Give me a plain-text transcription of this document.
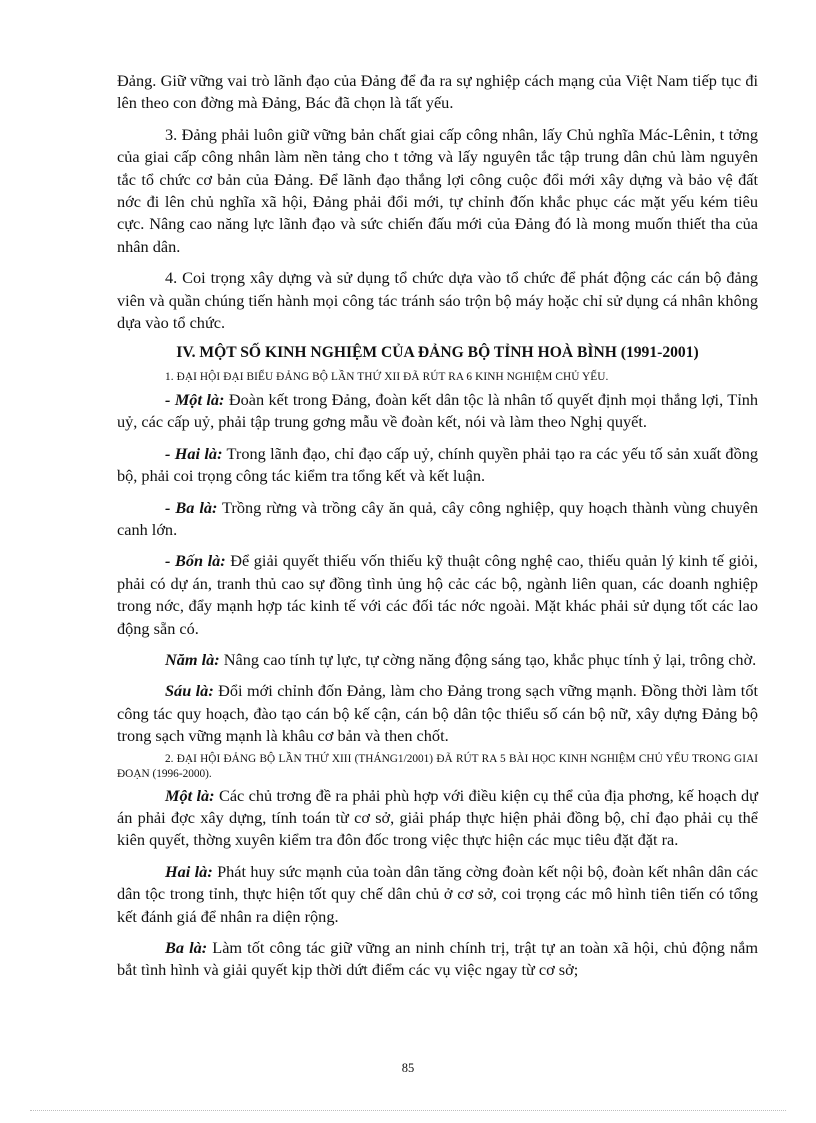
Đảng. Giữ vững vai trò lãnh đạo của Đảng để đa ra sự nghiệp cách mạng của Việt Nam tiếp tục đi lên theo con đờng mà Đảng, Bác đã chọn là tất yếu.

3. Đảng phải luôn giữ vững bản chất giai cấp công nhân, lấy Chủ nghĩa Mác-Lênin, t tởng của giai cấp công nhân làm nền tảng cho t tởng và lấy nguyên tắc tập trung dân chủ làm nguyên tắc tổ chức cơ bản của Đảng. Để lãnh đạo thắng lợi công cuộc đổi mới xây dựng và bảo vệ đất nớc đi lên chủ nghĩa xã hội, Đảng phải đổi mới, tự chỉnh đốn khắc phục các mặt yếu kém tiêu cực. Nâng cao năng lực lãnh đạo và sức chiến đấu mới của Đảng đó là mong muốn thiết tha của nhân dân.

4. Coi trọng xây dựng và sử dụng tổ chức dựa vào tổ chức để phát động các cán bộ đảng viên và quần chúng tiến hành mọi công tác tránh sáo trộn bộ máy hoặc chỉ sử dụng cá nhân không dựa vào tổ chức.

IV. MỘT SỐ KINH NGHIỆM CỦA ĐẢNG BỘ TỈNH HOÀ BÌNH (1991-2001)

1. ĐẠI HỘI ĐẠI BIỂU ĐẢNG BỘ LẦN THỨ XII ĐÃ RÚT RA 6 KINH NGHIỆM CHỦ YẾU.

- Một là: Đoàn kết trong Đảng, đoàn kết dân tộc là nhân tố quyết định mọi thắng lợi, Tỉnh uỷ, các cấp uỷ, phải tập trung gơng mẫu về đoàn kết, nói và làm theo Nghị quyết.

- Hai là: Trong lãnh đạo, chỉ đạo cấp uỷ, chính quyền phải tạo ra các yếu tố sản xuất đồng bộ, phải coi trọng công tác kiểm tra tổng kết và kết luận.

- Ba là: Trồng rừng và trồng cây ăn quả, cây công nghiệp, quy hoạch thành vùng chuyên canh lớn.

- Bốn là: Để giải quyết thiếu vốn thiếu kỹ thuật công nghệ cao, thiếu quản lý kinh tế giỏi, phải có dự án, tranh thủ cao sự đồng tình ủng hộ cảc các bộ, ngành liên quan, các doanh nghiệp trong nớc, đẩy mạnh hợp tác kinh tế với các đối tác nớc ngoài. Mặt khác phải sử dụng tốt các lao động sẵn có.

Năm là: Nâng cao tính tự lực, tự cờng năng động sáng tạo, khắc phục tính ỷ lại, trông chờ.

Sáu là: Đổi mới chỉnh đốn Đảng, làm cho Đảng trong sạch vững mạnh. Đồng thời làm tốt công tác quy hoạch, đào tạo cán bộ kế cận, cán bộ dân tộc thiểu số cán bộ nữ, xây dựng Đảng bộ trong sạch vững mạnh là khâu cơ bản và then chốt.

2. ĐẠI HỘI ĐẢNG BỘ LẦN THỨ XIII (THÁNG1/2001) ĐÃ RÚT RA 5 BÀI HỌC KINH NGHIỆM CHỦ YẾU TRONG GIAI ĐOẠN (1996-2000).

Một là: Các chủ trơng đề ra phải phù hợp với điều kiện cụ thể của địa phơng, kế hoạch dự án phải đợc xây dựng, tính toán từ cơ sở, giải pháp thực hiện phải đồng bộ, chỉ đạo phải cụ thể kiên quyết, thờng xuyên kiểm tra đôn đốc trong việc thực hiện các mục tiêu đặt đặt ra.

Hai là: Phát huy sức mạnh của toàn dân tăng cờng đoàn kết nội bộ, đoàn kết nhân dân các dân tộc trong tỉnh, thực hiện tốt quy chế dân chủ ở cơ sở, coi trọng các mô hình tiên tiến có tổng kết đánh giá để nhân ra diện rộng.

Ba là: Làm tốt công tác giữ vững an ninh chính trị, trật tự an toàn xã hội, chủ động nắm bắt tình hình và giải quyết kịp thời dứt điểm các vụ việc ngay từ cơ sở;

85
